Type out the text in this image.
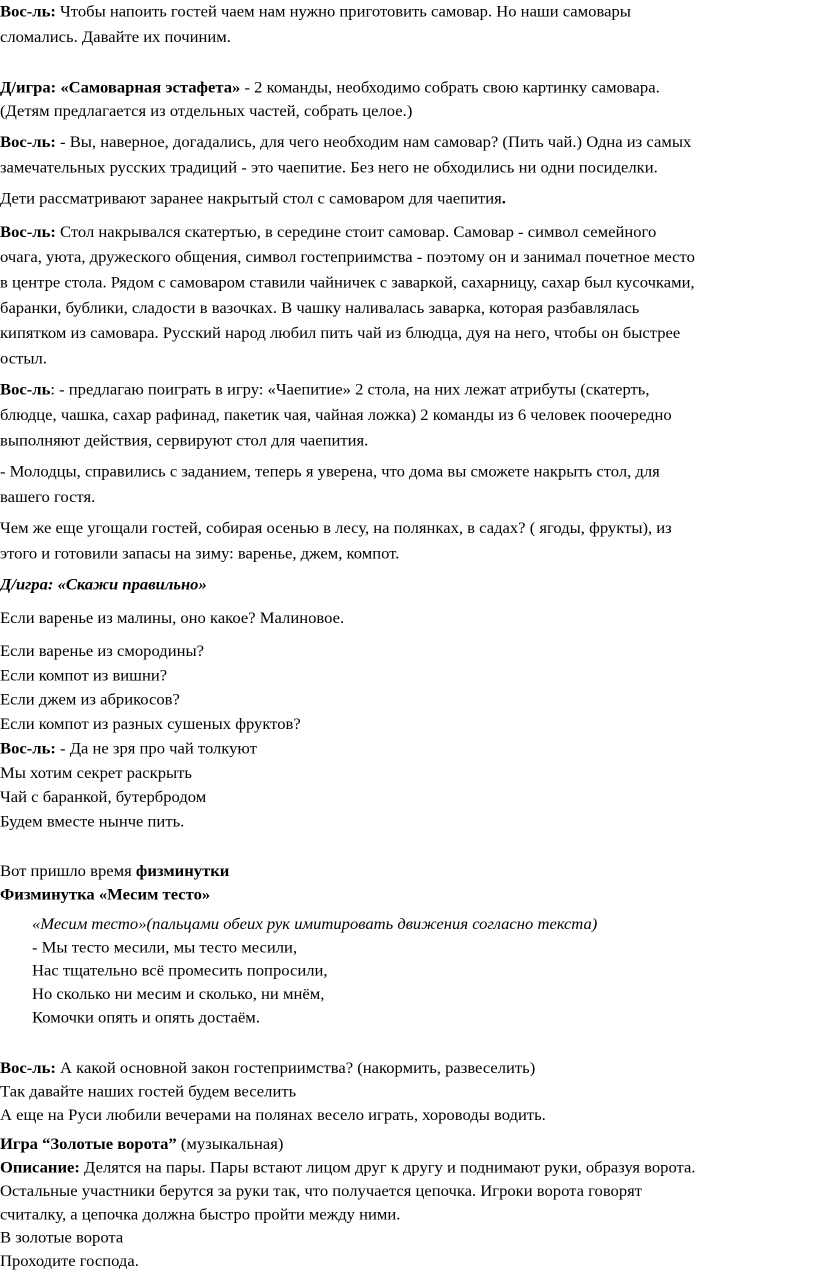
Вос-ль: Чтобы напоить гостей чаем нам нужно приготовить самовар. Но наши самовары
сломались. Давайте их починим.
Д/игра: «Самоварная эстафета» - 2 команды, необходимо собрать свою картинку самовара.
(Детям предлагается из отдельных частей, собрать целое.)
Вос-ль: - Вы, наверное, догадались, для чего необходим нам самовар? (Пить чай.) Одна из самых
замечательных русских традиций - это чаепитие. Без него не обходились ни одни посиделки.
Дети рассматривают заранее накрытый стол с самоваром для чаепития.
Вос-ль: Стол накрывался скатертью, в середине стоит самовар. Самовар - символ семейного
очага, уюта, дружеского общения, символ гостеприимства - поэтому он и занимал почетное место
в центре стола. Рядом с самоваром ставили чайничек с заваркой, сахарницу, сахар был кусочками,
баранки, бублики, сладости в вазочках. В чашку наливалась заварка, которая разбавлялась
кипятком из самовара. Русский народ любил пить чай из блюдца, дуя на него, чтобы он быстрее
остыл.
Вос-ль: - предлагаю поиграть в игру: «Чаепитие» 2 стола, на них лежат атрибуты (скатерть,
блюдце, чашка, сахар рафинад, пакетик чая, чайная ложка) 2 команды из 6 человек поочередно
выполняют действия, сервируют стол для чаепития.
- Молодцы, справились с заданием, теперь я уверена, что дома вы сможете накрыть стол, для
вашего гостя.
Чем же еще угощали гостей, собирая осенью в лесу, на полянках, в садах? ( ягоды, фрукты), из
этого и готовили запасы на зиму: варенье, джем, компот.
Д/игра: «Скажи правильно»
Если варенье из малины, оно какое? Малиновое.
Если варенье из смородины?
Если компот из вишни?
Если джем из абрикосов?
Если компот из разных сушеных фруктов?
Вос-ль: - Да не зря про чай толкуют
Мы хотим секрет раскрыть
Чай с баранкой, бутербродом
Будем вместе нынче пить.
Вот пришло время физминутки
Физминутка «Месим тесто»
«Месим тесто»(пальцами обеих рук имитировать движения согласно текста)
- Мы тесто месили, мы тесто месили,
Нас тщательно всё промесить попросили,
Но сколько ни месим и сколько, ни мнём,
Комочки опять и опять достаём.
Вос-ль: А какой основной закон гостеприимства? (накормить, развеселить)
Так давайте наших гостей будем веселить
А еще на Руси любили вечерами на полянах весело играть, хороводы водить.
Игра “Золотые ворота” (музыкальная)
Описание: Делятся на пары. Пары встают лицом друг к другу и поднимают руки, образуя ворота.
Остальные участники берутся за руки так, что получается цепочка. Игроки ворота говорят
считалку, а цепочка должна быстро пройти между ними.
В золотые ворота
Проходите господа.
